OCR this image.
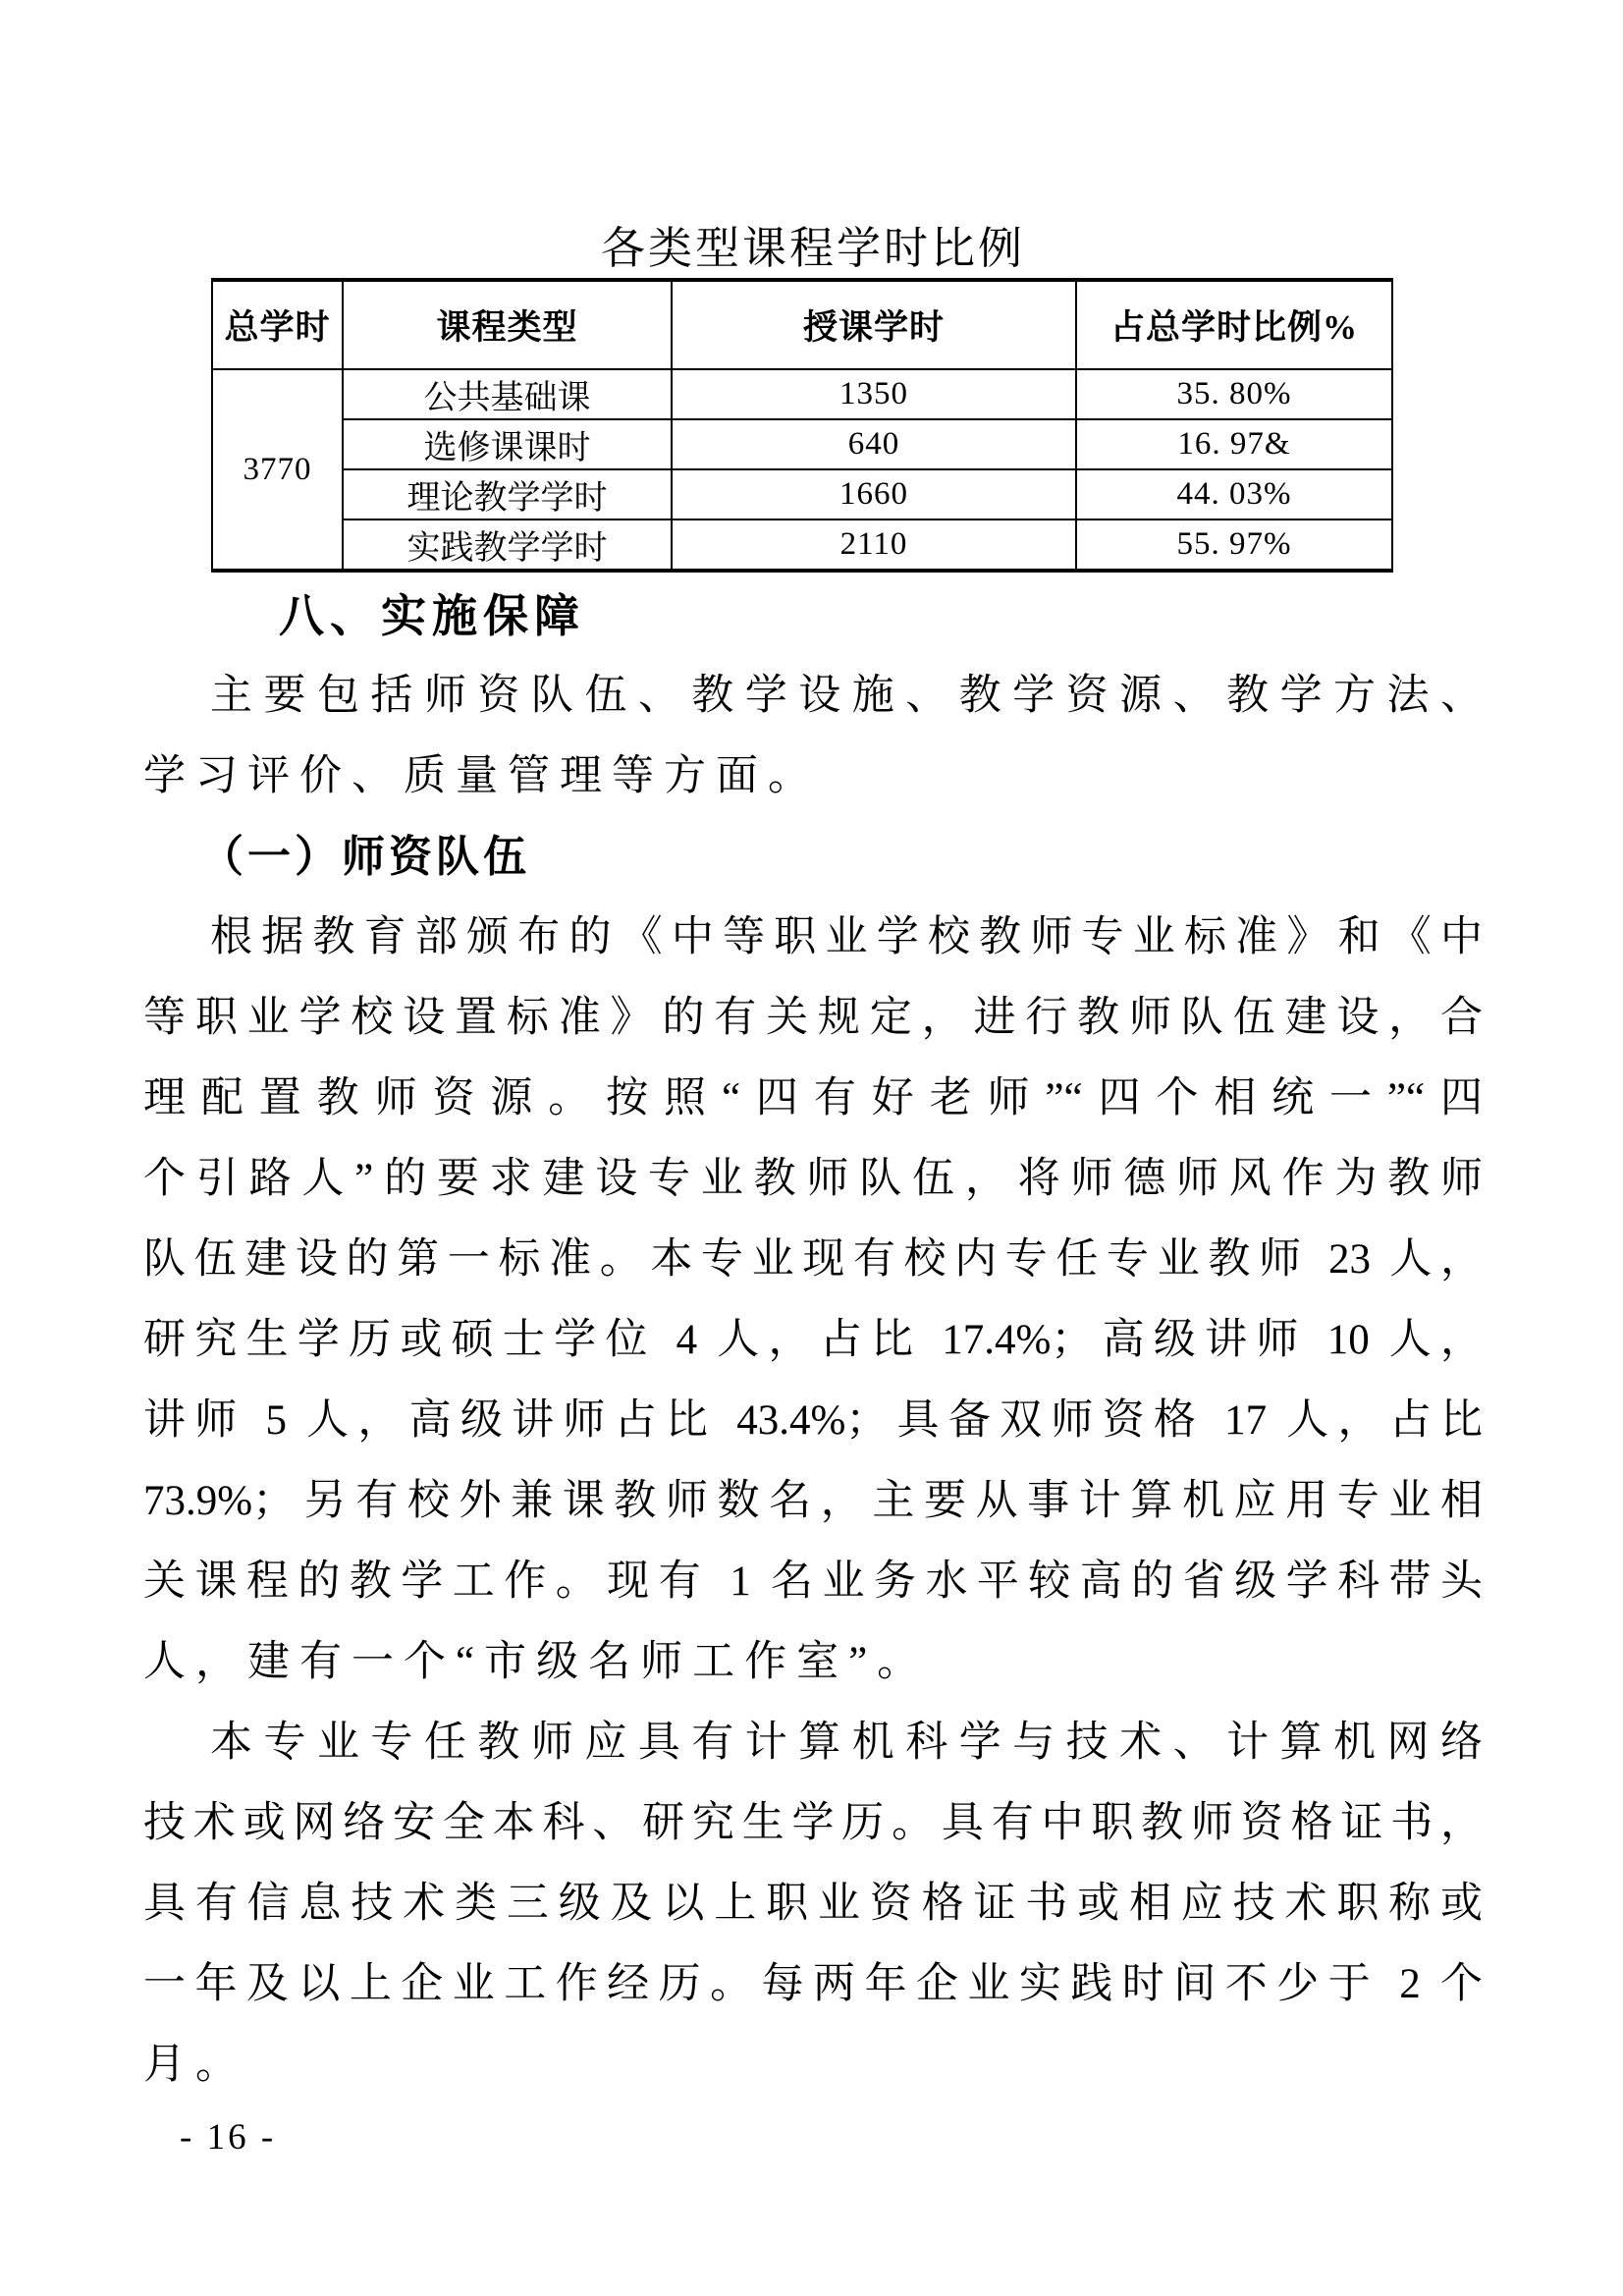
各类型课程学时比例
总学时	课程类型	授课学时	占总学时比例%
3770	公共基础课	1350	35. 80%
	选修课课时	640	16. 97&
	理论教学学时	1660	44. 03%
	实践教学学时	2110	55. 97%
八、实施保障
主要包括师资队伍、教学设施、教学资源、教学方法、
学习评价、质量管理等方面。
（一）师资队伍
根据教育部颁布的《中等职业学校教师专业标准》和《中
等职业学校设置标准》的有关规定，进行教师队伍建设，合
理配置教师资源。按照“四有好老师”“四个相统一”“四
个引路人”的要求建设专业教师队伍，将师德师风作为教师
队伍建设的第一标准。本专业现有校内专任专业教师 23 人，
研究生学历或硕士学位 4 人，占比 17.4%；高级讲师 10 人，
讲师 5 人，高级讲师占比 43.4%；具备双师资格 17 人，占比
73.9%；另有校外兼课教师数名，主要从事计算机应用专业相
关课程的教学工作。现有 1 名业务水平较高的省级学科带头
人，建有一个“市级名师工作室”。
本专业专任教师应具有计算机科学与技术、计算机网络
技术或网络安全本科、研究生学历。具有中职教师资格证书，
具有信息技术类三级及以上职业资格证书或相应技术职称或
一年及以上企业工作经历。每两年企业实践时间不少于 2 个
月。
- 16 -
